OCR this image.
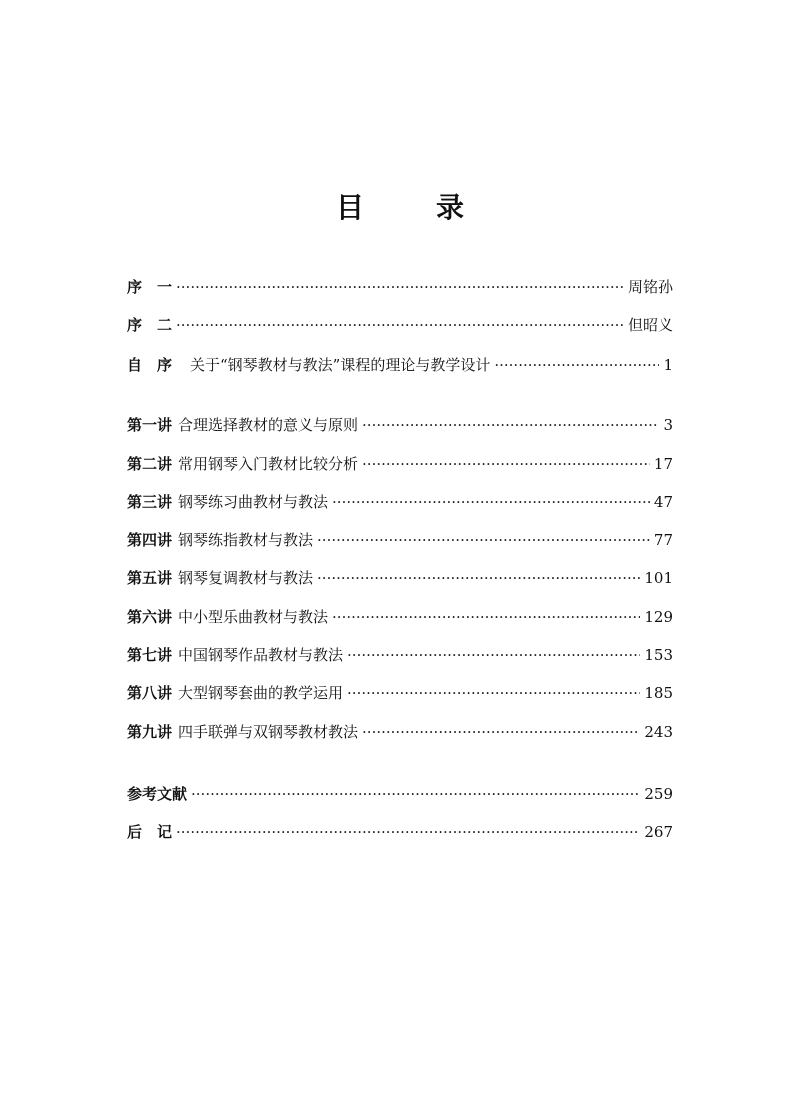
目　录
序　一 ·····	周铭孙
序　二 ·····	但昭义
自　序 关于“钢琴教材与教法”课程的理论与教学设计 ·····	1
第一讲 合理选择教材的意义与原则 ·····	3
第二讲 常用钢琴入门教材比较分析 ·····	17
第三讲 钢琴练习曲教材与教法 ·····	47
第四讲 钢琴练指教材与教法 ·····	77
第五讲 钢琴复调教材与教法 ·····	101
第六讲 中小型乐曲教材与教法 ·····	129
第七讲 中国钢琴作品教材与教法 ·····	153
第八讲 大型钢琴套曲的教学运用 ·····	185
第九讲 四手联弹与双钢琴教材教法 ·····	243
参考文献 ·····	259
后　记 ·····	267
